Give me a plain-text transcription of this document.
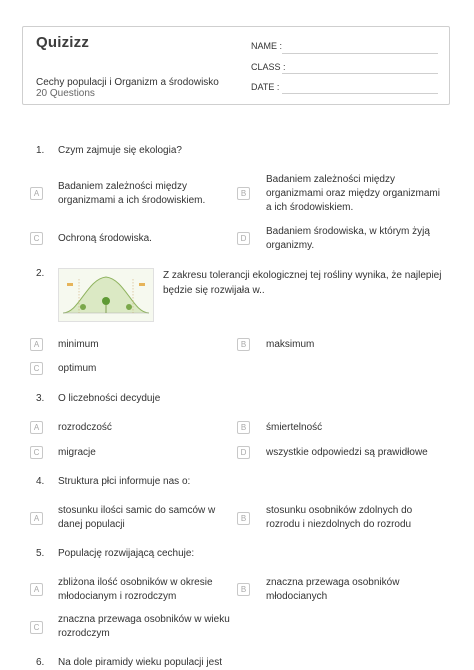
Quizizz
Cechy populacji i Organizm a środowisko
20 Questions
NAME :
CLASS :
DATE :
1. Czym zajmuje się ekologia?
A
Badaniem zależności między organizmami a ich środowiskiem.
B
Badaniem zależności między organizmami oraz między organizmami a ich środowiskiem.
C	Ochroną środowiska.	D
Badaniem środowiska, w którym żyją organizmy.
2.	Z zakresu tolerancji ekologicznej tej rośliny wynika, że najlepiej będzie się rozwijała w..
A	minimum	B	maksimum
C	optimum
3. O liczebności decyduje
A	rozrodczość	B	śmiertelność
C	migracje	D	wszystkie odpowiedzi są prawidłowe
4. Struktura płci informuje nas o:
A
stosunku ilości samic do samców w danej populacji
B
stosunku osobników zdolnych do rozrodu i niezdolnych do rozrodu
5. Populację rozwijającą cechuje:
A
zbliżona ilość osobników w okresie młodocianym i rozrodczym
B
znaczna przewaga osobników młodocianych
C
znaczna przewaga osobników w wieku rozrodczym
6. Na dole piramidy wieku populacji jest
